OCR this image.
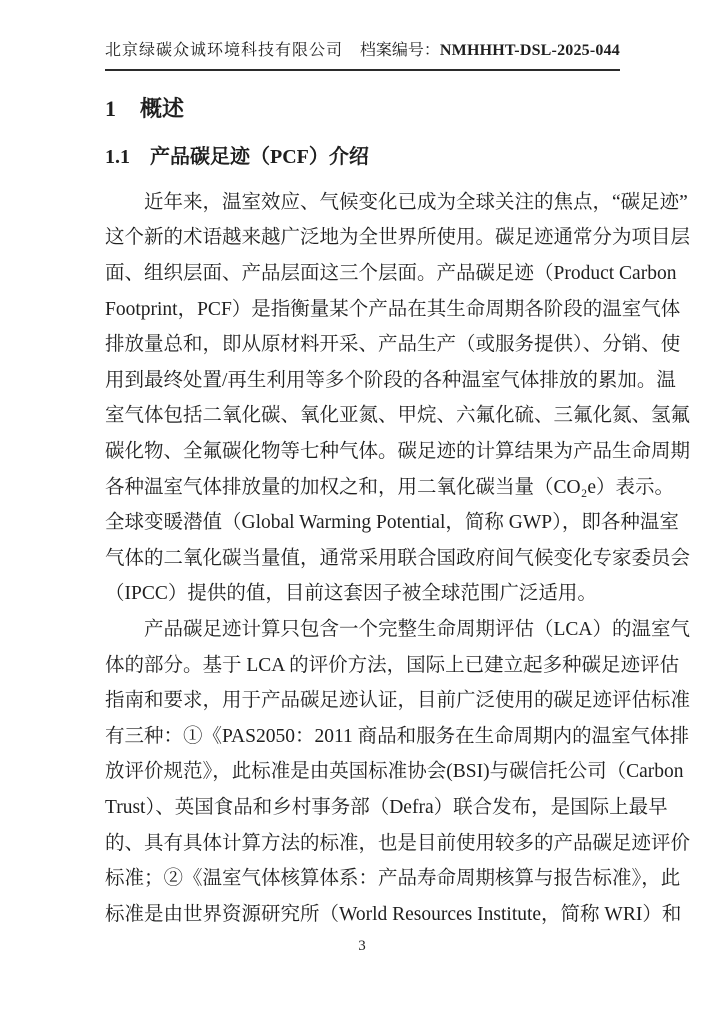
北京绿碳众诚环境科技有限公司 档案编号：NMHHHT-DSL-2025-044
1 概述
1.1 产品碳足迹（PCF）介绍
近年来，温室效应、气候变化已成为全球关注的焦点，“碳足迹”
这个新的术语越来越广泛地为全世界所使用。碳足迹通常分为项目层
面、组织层面、产品层面这三个层面。产品碳足迹（Product Carbon
Footprint，PCF）是指衡量某个产品在其生命周期各阶段的温室气体
排放量总和，即从原材料开采、产品生产（或服务提供）、分销、使
用到最终处置/再生利用等多个阶段的各种温室气体排放的累加。温
室气体包括二氧化碳、氧化亚氮、甲烷、六氟化硫、三氟化氮、氢氟
碳化物、全氟碳化物等七种气体。碳足迹的计算结果为产品生命周期
各种温室气体排放量的加权之和，用二氧化碳当量（CO₂e）表示。
全球变暖潜值（Global Warming Potential，简称 GWP），即各种温室
气体的二氧化碳当量值，通常采用联合国政府间气候变化专家委员会
（IPCC）提供的值，目前这套因子被全球范围广泛适用。
产品碳足迹计算只包含一个完整生命周期评估（LCA）的温室气
体的部分。基于 LCA 的评价方法，国际上已建立起多种碳足迹评估
指南和要求，用于产品碳足迹认证，目前广泛使用的碳足迹评估标准
有三种：①《PAS2050：2011 商品和服务在生命周期内的温室气体排
放评价规范》，此标准是由英国标准协会(BSI)与碳信托公司（Carbon
Trust）、英国食品和乡村事务部（Defra）联合发布，是国际上最早
的、具有具体计算方法的标准，也是目前使用较多的产品碳足迹评价
标准；②《温室气体核算体系：产品寿命周期核算与报告标准》，此
标准是由世界资源研究所（World Resources Institute，简称 WRI）和
3
